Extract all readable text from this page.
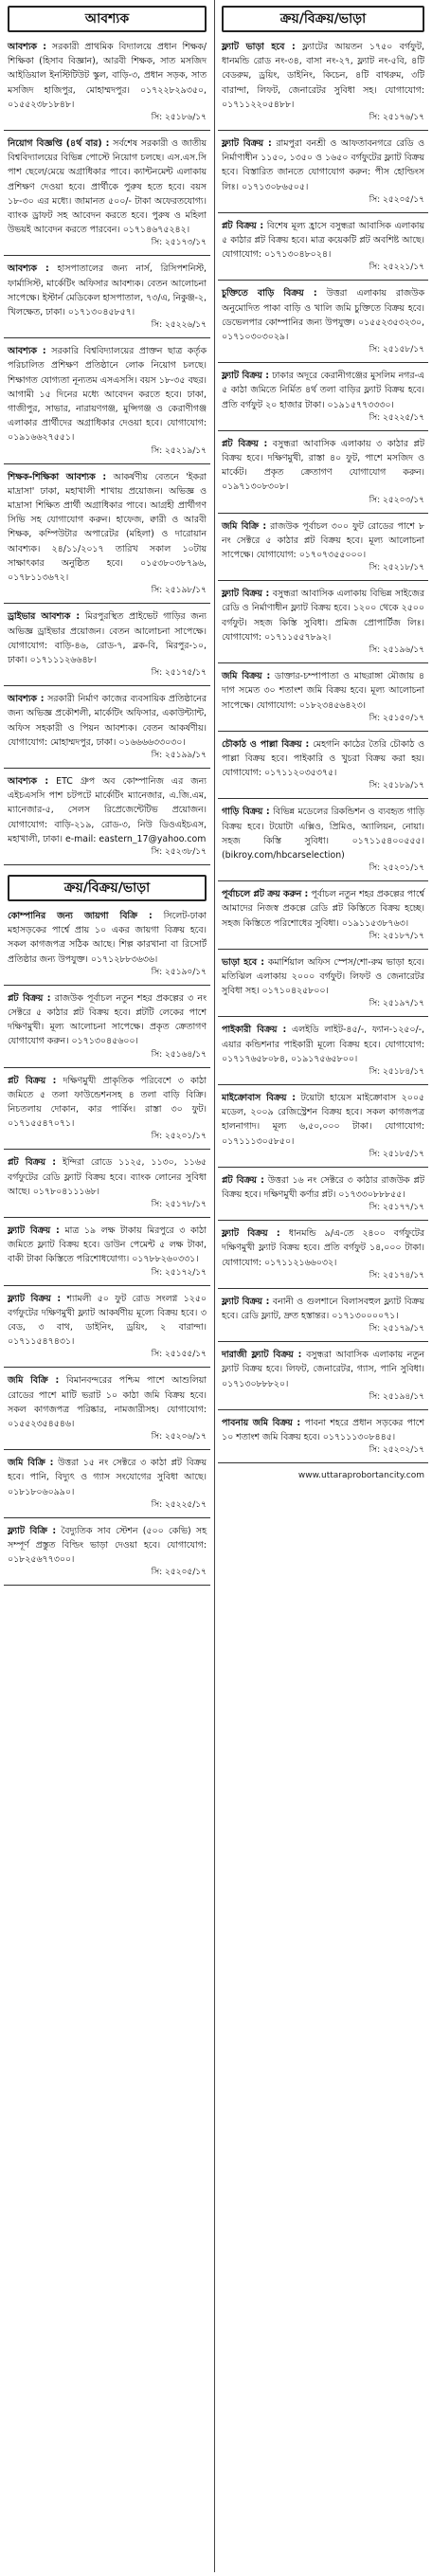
আবশ্যক
আবশ্যক : সরকারী প্রাথমিক বিদ্যালয়ে প্রধান শিক্ষক/শিক্ষিকা (হিসাব বিজ্ঞান), আরবী শিক্ষক, সাত মসজিদ আইডিয়াল ইনস্টিটিউট স্কুল, বাড়ি-৩, প্রধান সড়ক, সাত মসজিদ হাজিপুর, মোহাম্মদপুর। ০১৭২২৮২৯৩৫০, ০১৫৫২৩৮১৮৪৮।
সি: ২৫১৮৬/১৭
নিয়োগ বিজ্ঞপ্তি (৪র্থ বার) : সর্বশেষ সরকারী ও জাতীয় বিশ্ববিদ্যালয়ের বিভিন্ন পোস্টে নিয়োগ চলছে। এস.এস.সি পাশ ছেলে/মেয়ে অগ্রাধিকার পাবে। ক্যান্টনমেন্ট এলাকায় প্রশিক্ষণ দেওয়া হবে। প্রার্থীকে পুরুষ হতে হবে। বয়স ১৮-৩০ এর মধ্যে। জামানত ৫০০/- টাকা অফেরতযোগ্য। ব্যাংক ড্রাফট সহ আবেদন করতে হবে। পুরুষ ও মহিলা উভয়ই আবেদন করতে পারবেন। ০১৭১৪৬৭৫২৪২।
সি: ২৫১৭৩/১৭
আবশ্যক : হাসপাতালের জন্য নার্স, রিসিপশনিস্ট, ফার্মাসিস্ট, মার্কেটিং অফিসার আবশ্যক। বেতন আলোচনা সাপেক্ষে। ইস্টার্ন মেডিকেল হাসপাতাল, ৭৩/এ, নিকুঞ্জ-২, খিলক্ষেত, ঢাকা। ০১৭১৩০৪৫৮৫৭।
সি: ২৫২২৬/১৭
আবশ্যক : সরকারি বিশ্ববিদ্যালয়ের প্রাক্তন ছাত্র কর্তৃক পরিচালিত প্রশিক্ষণ প্রতিষ্ঠানে লোক নিয়োগ চলছে। শিক্ষাগত যোগ্যতা নূন্যতম এসএসসি। বয়স ১৮-৩৫ বছর। আগামী ১৫ দিনের মধ্যে আবেদন করতে হবে। ঢাকা, গাজীপুর, সাভার, নারায়ণগঞ্জ, মুন্সিগঞ্জ ও কেরাণীগঞ্জ এলাকার প্রার্থীদের অগ্রাধিকার দেওয়া হবে। যোগাযোগ: ০১৯১৬৬২৭৫৫১।
সি: ২৫২১৯/১৭
শিক্ষক-শিক্ষিকা আবশ্যক : আকর্ষণীয় বেতনে 'ইকরা মাদ্রাসা' ঢাকা, মহাখালী শাখায় প্রয়োজন। অভিজ্ঞ ও মাদ্রাসা শিক্ষিত প্রার্থী অগ্রাধিকার পাবে। আগ্রহী প্রার্থীগণ সিভি সহ যোগাযোগ করুন। হাফেজ, ক্বারী ও আরবী শিক্ষক, কম্পিউটার অপারেটর (মহিলা) ও দারোয়ান আবশ্যক। ২৪/১১/২০১৭ তারিখ সকাল ১০টায় সাক্ষাৎকার অনুষ্ঠিত হবে। ০১৫৩৮০৩৮৭৯৬, ০১৭৮১১৩৬৭২।
সি: ২৫১৯৮/১৭
ড্রাইভার আবশ্যক : মিরপুরস্থিত প্রাইভেট গাড়ির জন্য অভিজ্ঞ ড্রাইভার প্রয়োজন। বেতন আলোচনা সাপেক্ষে। যোগাযোগ: বাড়ি-৪৬, রোড-৭, ব্লক-বি, মিরপুর-১০, ঢাকা। ০১৭১১১২৬৬৪৮।
সি: ২৫১৭৫/১৭
আবশ্যক : সরকারী নির্মাণ কাজের ব্যবসায়িক প্রতিষ্ঠানের জন্য অভিজ্ঞ প্রকৌশলী, মার্কেটিং অফিসার, একাউন্ট্যান্ট, অফিস সহকারী ও পিয়ন আবশ্যক। বেতন আকর্ষণীয়। যোগাযোগ: মোহাম্মদপুর, ঢাকা। ০১৬৬৬৬৩৩০৩০।
সি: ২৫১৯৯/১৭
আবশ্যক : ETC গ্রুপ অব কোম্পানিজ এর জন্য এইচএসসি পাশ চটপটে মার্কেটিং ম্যানেজার, এ.জি.এম, ম্যানেজার-৫, সেলস রিপ্রেজেন্টেটিভ প্রয়োজন। যোগাযোগ: বাড়ি-২১৯, রোড-৩, নিউ ডিওএইচএস, মহাখালী, ঢাকা। e-mail: eastern_17@yahoo.com
সি: ২৫২৩৮/১৭
ক্রয়/বিক্রয়/ভাড়া
কোম্পানির জন্য জায়গা বিক্রি : সিলেট-ঢাকা মহাসড়কের পার্শ্বে প্রায় ১০ একর জায়গা বিক্রয় হবে। সকল কাগজপত্র সঠিক আছে। শিল্প কারখানা বা রিসোর্ট প্রতিষ্ঠার জন্য উপযুক্ত। ০১৭১২৮৮৩৬৩৬।
সি: ২৫১৯০/১৭
প্লট বিক্রয় : রাজউক পূর্বাচল নতুন শহর প্রকল্পের ৩ নং সেক্টরে ৫ কাঠার প্লট বিক্রয় হবে। প্লটটি লেকের পাশে দক্ষিণমুখী। মূল্য আলোচনা সাপেক্ষে। প্রকৃত ক্রেতাগণ যোগাযোগ করুন। ০১৭১৩০৪৫৬০০।
সি: ২৫১৬৪/১৭
প্লট বিক্রয় : দক্ষিণমুখী প্রাকৃতিক পরিবেশে ৩ কাঠা জমিতে ৫ তলা ফাউন্ডেশনসহ ৪ তলা বাড়ি বিক্রি। নিচতলায় দোকান, কার পার্কিং। রাস্তা ৩০ ফুট। ০১৭১৫৫৪৭০৭১।
সি: ২৫২০১/১৭
প্লট বিক্রয় : ইন্দিরা রোডে ১১২৫, ১১৩০, ১১৬৫ বর্গফুটের রেডি ফ্ল্যাট বিক্রয় হবে। ব্যাংক লোনের সুবিধা আছে। ০১৭৮০৪১১১৬৮।
সি: ২৫১৭৮/১৭
ফ্ল্যাট বিক্রয় : মাত্র ১৯ লক্ষ টাকায় মিরপুরে ৩ কাঠা জমিতে ফ্ল্যাট বিক্রয় হবে। ডাউন পেমেন্ট ৫ লক্ষ টাকা, বাকী টাকা কিস্তিতে পরিশোধযোগ্য। ০১৭৮৮২৬০৩৩১।
সি: ২৫১৭২/১৭
ফ্ল্যাট বিক্রয় : শ্যামলী ৫০ ফুট রোড সংলগ্ন ১২৫০ বর্গফুটের দক্ষিণমুখী ফ্ল্যাট আকর্ষণীয় মূল্যে বিক্রয় হবে। ৩ বেড, ৩ বাথ, ডাইনিং, ড্রয়িং, ২ বারান্দা। ০১৭১১৫৪৭৪৩১।
সি: ২৫১৫৫/১৭
জমি বিক্রি : বিমানবন্দরের পশ্চিম পাশে আশুলিয়া রোডের পাশে মাটি ভরাট ১০ কাঠা জমি বিক্রয় হবে। সকল কাগজপত্র পরিষ্কার, নামজারীসহ। যোগাযোগ: ০১৫৫২৩৫৪৫৪৬।
সি: ২৫২০৬/১৭
জমি বিক্রি : উত্তরা ১৫ নং সেক্টরে ৩ কাঠা প্লট বিক্রয় হবে। পানি, বিদ্যুৎ ও গ্যাস সংযোগের সুবিধা আছে। ০১৮১৮০৬০৯৯০।
সি: ২৫২২৫/১৭
ফ্ল্যাট বিক্রি : বৈদ্যুতিক সাব স্টেশন (৫০০ কেভি) সহ সম্পূর্ণ প্রস্তুত বিল্ডিং ভাড়া দেওয়া হবে। যোগাযোগ: ০১৮২৫৬৭৭৩০০।
সি: ২৫২০৫/১৭
ক্রয়/বিক্রয়/ভাড়া
ফ্ল্যাট ভাড়া হবে : ফ্ল্যাটের আয়তন ১৭৫০ বর্গফুট, ধানমন্ডি রোড নং-৩৪, বাসা নং-২৭, ফ্ল্যাট নং-৫বি, ৪টি বেডরুম, ড্রয়িং, ডাইনিং, কিচেন, ৪টি বাথরুম, ৩টি বারান্দা, লিফট, জেনারেটর সুবিধা সহ। যোগাযোগ: ০১৭১১২২০৫৪৮৮।
সি: ২৫১৭৬/১৭
ফ্ল্যাট বিক্রয় : রামপুরা বনশ্রী ও আফতাবনগরে রেডি ও নির্মাণাধীন ১১৫০, ১৩৫০ ও ১৬৫০ বর্গফুটের ফ্ল্যাট বিক্রয় হবে। বিস্তারিত জানতে যোগাযোগ করুন: পীস হোল্ডিংস লিঃ। ০১৭১৩০৮৬৫০৫।
সি: ২৫২০৫/১৭
প্লট বিক্রয় : বিশেষ মূল্য হ্রাসে বসুন্ধরা আবাসিক এলাকায় ৫ কাঠার প্লট বিক্রয় হবে। মাত্র কয়েকটি প্লট অবশিষ্ট আছে। যোগাযোগ: ০১৭১৩০৪৮০২৪।
সি: ২৫২২১/১৭
চুক্তিতে বাড়ি বিক্রয় : উত্তরা এলাকায় রাজউক অনুমোদিত পাকা বাড়ি ও খালি জমি চুক্তিতে বিক্রয় হবে। ডেভেলপার কোম্পানির জন্য উপযুক্ত। ০১৫৫২৩৫৩২৩০, ০১৭১০৩০৩০২৯।
সি: ২৫১৫৮/১৭
ফ্ল্যাট বিক্রয় : ঢাকার অদূরে কেরানীগঞ্জের মুসলিম নগর-এ ৫ কাঠা জমিতে নির্মিত ৪র্থ তলা বাড়ির ফ্ল্যাট বিক্রয় হবে। প্রতি বর্গফুট ২০ হাজার টাকা। ০১৯১৫৭৭৩৩৩০।
সি: ২৫২২৫/১৭
প্লট বিক্রয় : বসুন্ধরা আবাসিক এলাকায় ৩ কাঠার প্লট বিক্রয় হবে। দক্ষিণমুখী, রাস্তা ৪০ ফুট, পাশে মসজিদ ও মার্কেট। প্রকৃত ক্রেতাগণ যোগাযোগ করুন। ০১৯৭১৩০৮৩০৮।
সি: ২৫২০৩/১৭
জমি বিক্রি : রাজউক পূর্বাচল ৩০০ ফুট রোডের পাশে ৮ নং সেক্টরে ৫ কাঠার প্লট বিক্রয় হবে। মূল্য আলোচনা সাপেক্ষে। যোগাযোগ: ০১৭০৭৩৫৫০০০।
সি: ২৫২১৮/১৭
ফ্ল্যাট বিক্রয় : বসুন্ধরা আবাসিক এলাকায় বিভিন্ন সাইজের রেডি ও নির্মাণাধীন ফ্ল্যাট বিক্রয় হবে। ১২০০ থেকে ২৫০০ বর্গফুট। সহজ কিস্তি সুবিধা। প্রমিজ প্রোপার্টিজ লিঃ। যোগাযোগ: ০১৭১১৫৫৭৮৯২।
সি: ২৫১৯৬/১৭
জমি বিক্রয় : ডাক্তার-চম্পাপাতা ও মাছরাঙ্গা মৌজায় ৪ দাগ সমেত ৩০ শতাংশ জমি বিক্রয় হবে। মূল্য আলোচনা সাপেক্ষে। যোগাযোগ: ০১৮২৩৪৫৬৪২৩।
সি: ২৫১৫০/১৭
চৌকাঠ ও পাল্লা বিক্রয় : মেহগনি কাঠের তৈরি চৌকাঠ ও পাল্লা বিক্রয় হবে। পাইকারি ও খুচরা বিক্রয় করা হয়। যোগাযোগ: ০১৭১১২০৩৫৩৭৫।
সি: ২৫১৮৯/১৭
গাড়ি বিক্রয় : বিভিন্ন মডেলের রিকন্ডিশন ও ব্যবহৃত গাড়ি বিক্রয় হবে। টয়োটা এক্সিও, প্রিমিও, অ্যালিয়ন, নোয়া। সহজ কিস্তি সুবিধা। ০১৭১১৫৪০০৫৫৫। (bikroy.com/hbcarselection)
সি: ২৫২০১/১৭
পূর্বাচলে প্লট ক্রয় করুন : পূর্বাচল নতুন শহর প্রকল্পের পার্শ্বে আমাদের নিজস্ব প্রকল্পে রেডি প্লট কিস্তিতে বিক্রয় হচ্ছে। সহজ কিস্তিতে পরিশোধের সুবিধা। ০১৯১১৫৩৮৭৬৩।
সি: ২৫১৮৭/১৭
ভাড়া হবে : কমার্শিয়াল অফিস স্পেস/শো-রুম ভাড়া হবে। মতিঝিল এলাকায় ২০০০ বর্গফুট। লিফট ও জেনারেটর সুবিধা সহ। ০১৭১০৪২৫৮০০।
সি: ২৫১৯৭/১৭
পাইকারী বিক্রয় : এলইডি লাইট-৪৫/-, ফ্যান-১২৫০/-, এয়ার কন্ডিশনার পাইকারী মূল্যে বিক্রয় হবে। যোগাযোগ: ০১৭১৭৬৫৮০৮৪, ০১৯১৭৫৬৫৮০০।
সি: ২৫১৮৪/১৭
মাইক্রোবাস বিক্রয় : টয়োটা হায়েস মাইক্রোবাস ২০০৫ মডেল, ২০০৯ রেজিস্ট্রেশন বিক্রয় হবে। সকল কাগজপত্র হালনাগাদ। মূল্য ৬,৫০,০০০ টাকা। যোগাযোগ: ০১৭১১১৩০৫৮৫০।
সি: ২৫১৮৫/১৭
প্লট বিক্রয় : উত্তরা ১৬ নং সেক্টরে ৩ কাঠার রাজউক প্লট বিক্রয় হবে। দক্ষিণমুখী কর্ণার প্লট। ০১৭৩৩০৮৮৮৫৫।
সি: ২৫১৭৭/১৭
ফ্ল্যাট বিক্রয় : ধানমন্ডি ৯/এ-তে ২৪০০ বর্গফুটের দক্ষিণমুখী ফ্ল্যাট বিক্রয় হবে। প্রতি বর্গফুট ১৪,০০০ টাকা। যোগাযোগ: ০১৭১১২১৬৬০৩২।
সি: ২৫১৭৪/১৭
ফ্ল্যাট বিক্রয় : বনানী ও গুলশানে বিলাসবহুল ফ্ল্যাট বিক্রয় হবে। রেডি ফ্ল্যাট, দ্রুত হস্তান্তর। ০১৭১৩০০০০৭১।
সি: ২৫১৭৯/১৭
দারাজী ফ্ল্যাট বিক্রয় : বসুন্ধরা আবাসিক এলাকায় নতুন ফ্ল্যাট বিক্রয় হবে। লিফট, জেনারেটর, গ্যাস, পানি সুবিধা। ০১৭১৩০৮৮৮২০।
সি: ২৫১৯৪/১৭
পাবনায় জমি বিক্রয় : পাবনা শহরে প্রধান সড়কের পাশে ১০ শতাংশ জমি বিক্রয় হবে। ০১৭১১১৩০৮৪৪৫।
সি: ২৫২০২/১৭
www.uttaraprobortancity.com
